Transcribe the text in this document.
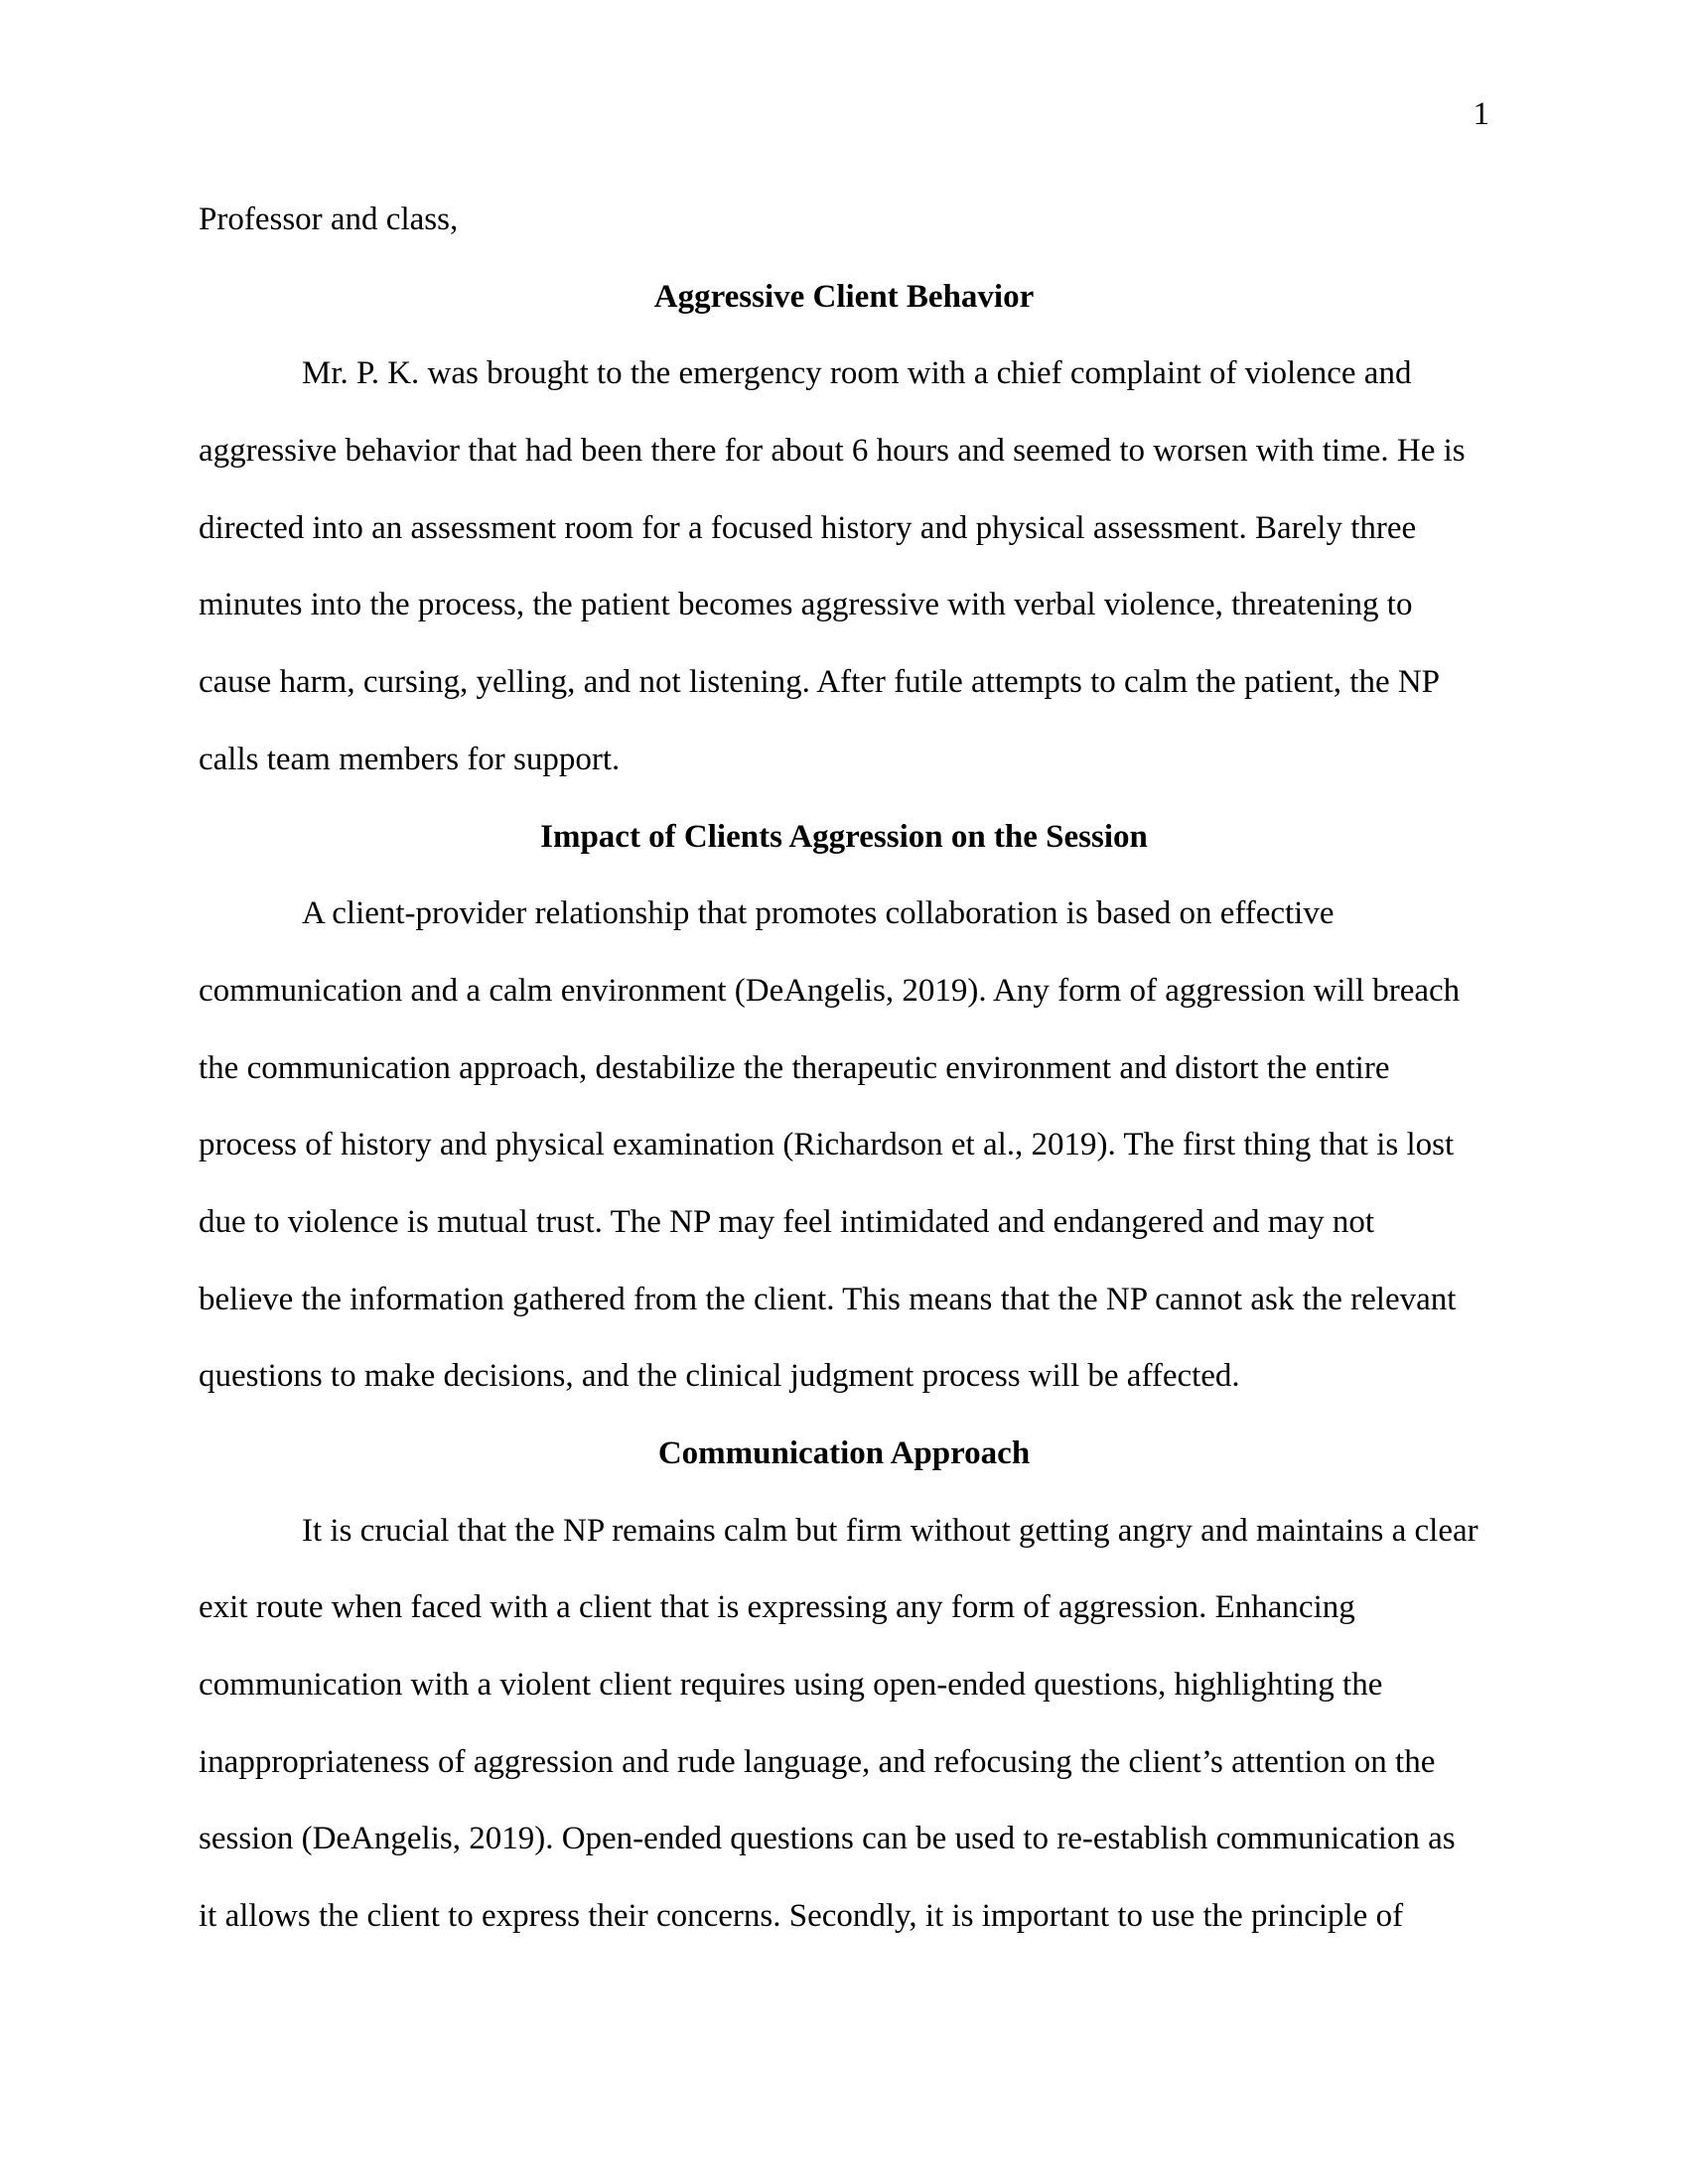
1
Professor and class,
Aggressive Client Behavior
Mr. P. K. was brought to the emergency room with a chief complaint of violence and
aggressive behavior that had been there for about 6 hours and seemed to worsen with time. He is
directed into an assessment room for a focused history and physical assessment. Barely three
minutes into the process, the patient becomes aggressive with verbal violence, threatening to
cause harm, cursing, yelling, and not listening. After futile attempts to calm the patient, the NP
calls team members for support.
Impact of Clients Aggression on the Session
A client-provider relationship that promotes collaboration is based on effective
communication and a calm environment (DeAngelis, 2019). Any form of aggression will breach
the communication approach, destabilize the therapeutic environment and distort the entire
process of history and physical examination (Richardson et al., 2019). The first thing that is lost
due to violence is mutual trust. The NP may feel intimidated and endangered and may not
believe the information gathered from the client. This means that the NP cannot ask the relevant
questions to make decisions, and the clinical judgment process will be affected.
Communication Approach
It is crucial that the NP remains calm but firm without getting angry and maintains a clear
exit route when faced with a client that is expressing any form of aggression. Enhancing
communication with a violent client requires using open-ended questions, highlighting the
inappropriateness of aggression and rude language, and refocusing the client’s attention on the
session (DeAngelis, 2019). Open-ended questions can be used to re-establish communication as
it allows the client to express their concerns. Secondly, it is important to use the principle of
